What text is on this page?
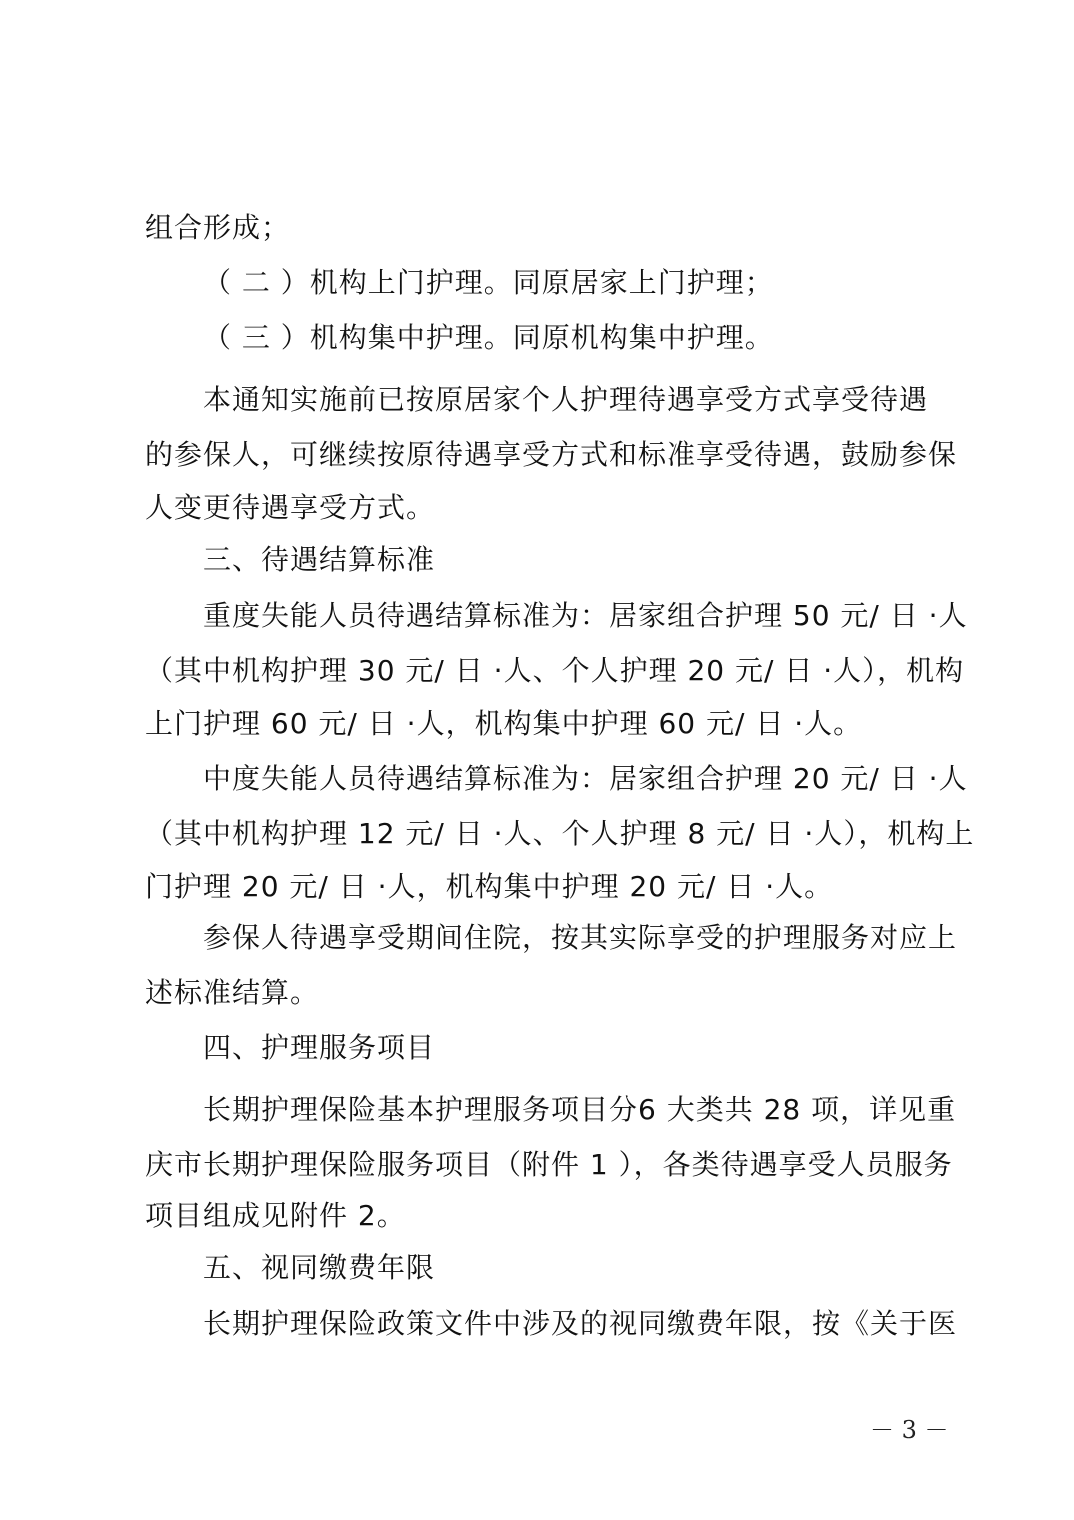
组合形成；
（ 二 ）机构上门护理。同原居家上门护理；
（ 三 ）机构集中护理。同原机构集中护理。
本通知实施前已按原居家个人护理待遇享受方式享受待遇
的参保人，可继续按原待遇享受方式和标准享受待遇，鼓励参保
人变更待遇享受方式。
三、待遇结算标准
重度失能人员待遇结算标准为：居家组合护理 50 元/ 日 ·人
（其中机构护理 30 元/ 日 ·人、个人护理 20 元/ 日 ·人），机构
上门护理 60 元/ 日 ·人，机构集中护理 60 元/ 日 ·人。
中度失能人员待遇结算标准为：居家组合护理 20 元/ 日 ·人
（其中机构护理 12 元/ 日 ·人、个人护理 8 元/ 日 ·人），机构上
门护理 20 元/ 日 ·人，机构集中护理 20 元/ 日 ·人。
参保人待遇享受期间住院，按其实际享受的护理服务对应上
述标准结算。
四、护理服务项目
长期护理保险基本护理服务项目分6 大类共 28 项，详见重
庆市长期护理保险服务项目（附件 1 ），各类待遇享受人员服务
项目组成见附件 2。
五、视同缴费年限
长期护理保险政策文件中涉及的视同缴费年限，按《关于医
－ 3 －
